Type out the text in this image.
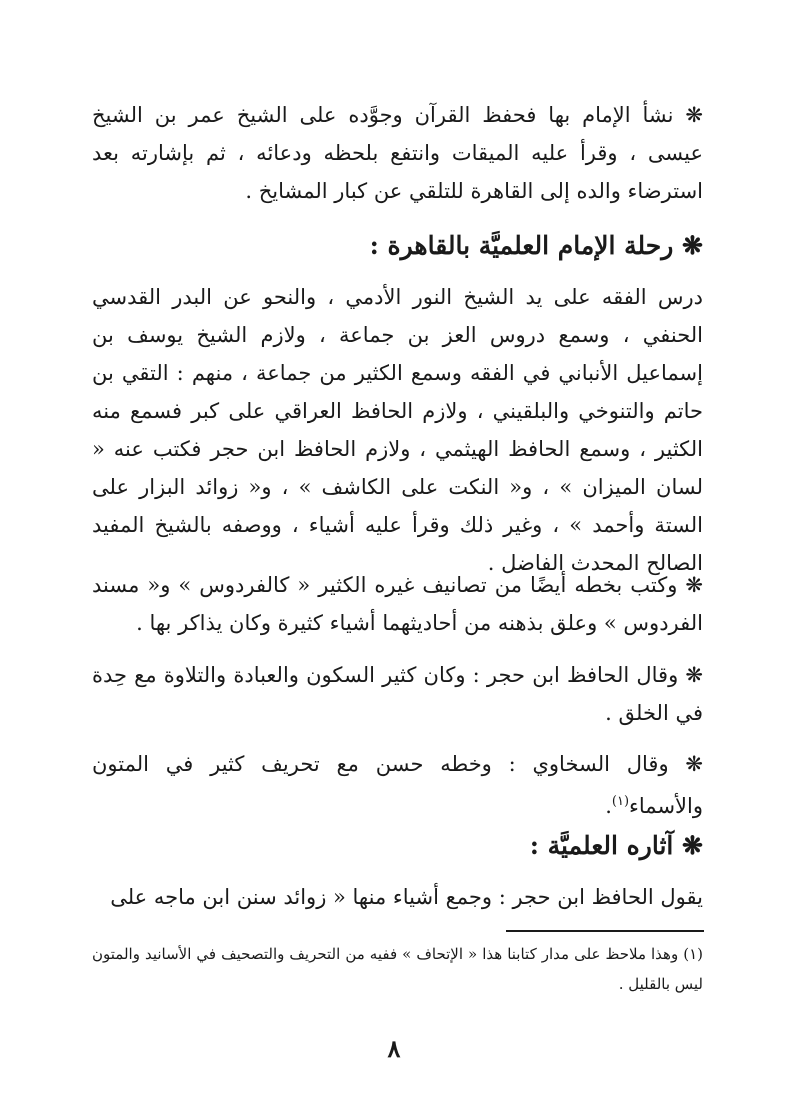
❋ نشأ الإمام بها فحفظ القرآن وجوَّده على الشيخ عمر بن الشيخ عيسى ، وقرأ عليه الميقات وانتفع بلحظه ودعائه ، ثم بإشارته بعد استرضاء والده إلى القاهرة للتلقي عن كبار المشايخ .

❋ رحلة الإمام العلميَّة بالقاهرة :

درس الفقه على يد الشيخ النور الأدمي ، والنحو عن البدر القدسي الحنفي ، وسمع دروس العز بن جماعة ، ولازم الشيخ يوسف بن إسماعيل الأنباني في الفقه وسمع الكثير من جماعة ، منهم : التقي بن حاتم والتنوخي والبلقيني ، ولازم الحافظ العراقي على كبر فسمع منه الكثير ، وسمع الحافظ الهيثمي ، ولازم الحافظ ابن حجر فكتب عنه « لسان الميزان » ، و« النكت على الكاشف » ، و« زوائد البزار على الستة وأحمد » ، وغير ذلك وقرأ عليه أشياء ، ووصفه بالشيخ المفيد الصالح المحدث الفاضل .

❋ وكتب بخطه أيضًا من تصانيف غيره الكثير « كالفردوس » و« مسند الفردوس » وعلق بذهنه من أحاديثهما أشياء كثيرة وكان يذاكر بها .

❋ وقال الحافظ ابن حجر : وكان كثير السكون والعبادة والتلاوة مع حِدة في الخلق .

❋ وقال السخاوي : وخطه حسن مع تحريف كثير في المتون والأسماء$^{(١)}$.

❋ آثاره العلميَّة :

يقول الحافظ ابن حجر : وجمع أشياء منها « زوائد سنن ابن ماجه على

(١) وهذا ملاحظ على مدار كتابنا هذا « الإتحاف » ففيه من التحريف والتصحيف في الأسانيد والمتون ليس بالقليل .

٨
